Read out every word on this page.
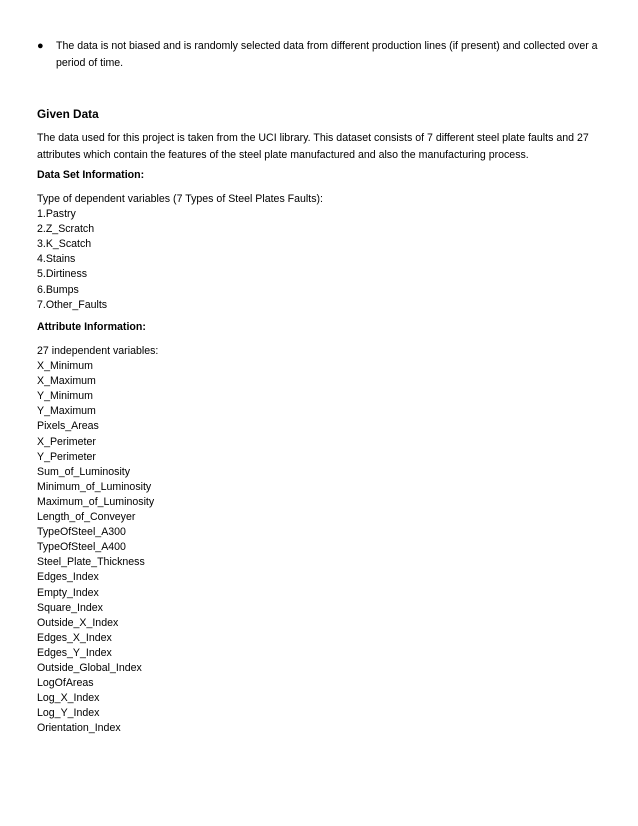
●	The data is not biased and is randomly selected data from different production lines (if present) and collected over a period of time.
Given Data
The data used for this project is taken from the UCI library. This dataset consists of 7 different steel plate faults and 27 attributes which contain the features of the steel plate manufactured and also the manufacturing process.
Data Set Information:
Type of dependent variables (7 Types of Steel Plates Faults):
1.Pastry
2.Z_Scratch
3.K_Scatch
4.Stains
5.Dirtiness
6.Bumps
7.Other_Faults
Attribute Information:
27 independent variables:
X_Minimum
X_Maximum
Y_Minimum
Y_Maximum
Pixels_Areas
X_Perimeter
Y_Perimeter
Sum_of_Luminosity
Minimum_of_Luminosity
Maximum_of_Luminosity
Length_of_Conveyer
TypeOfSteel_A300
TypeOfSteel_A400
Steel_Plate_Thickness
Edges_Index
Empty_Index
Square_Index
Outside_X_Index
Edges_X_Index
Edges_Y_Index
Outside_Global_Index
LogOfAreas
Log_X_Index
Log_Y_Index
Orientation_Index
